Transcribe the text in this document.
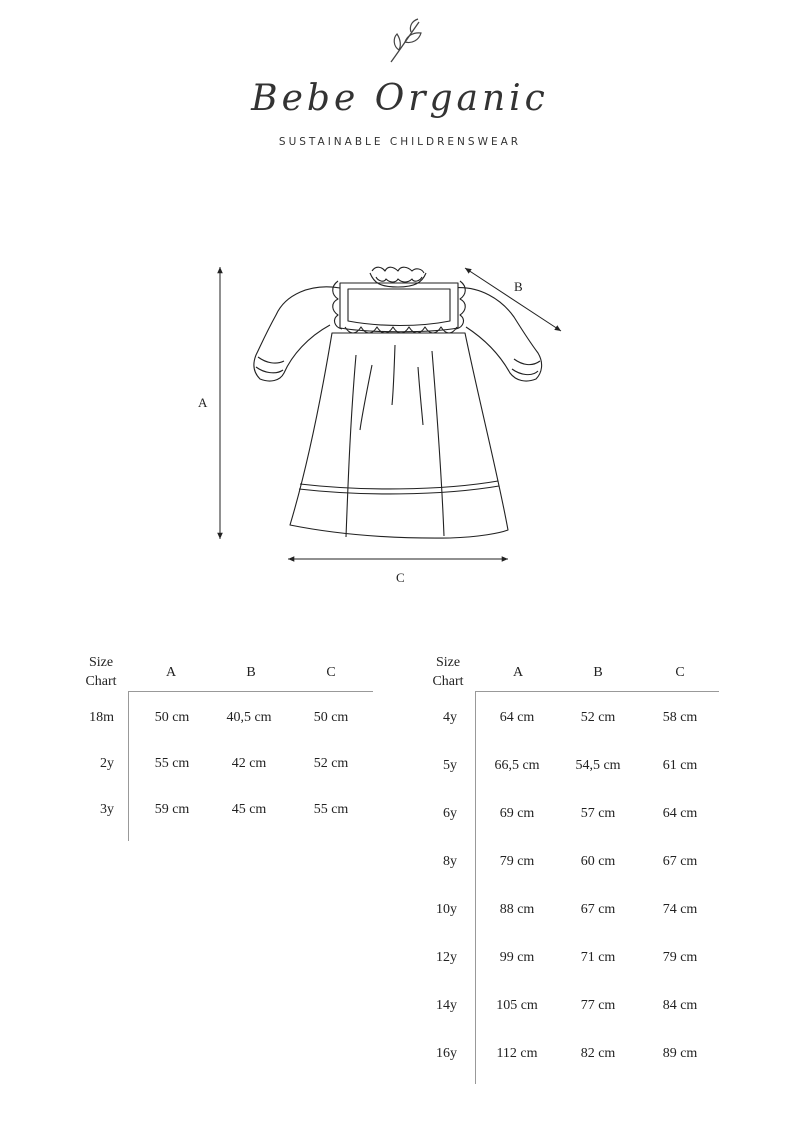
Bebe Organic
SUSTAINABLE CHILDRENSWEAR
A
B
C
Size
Chart
A	B	C
18m	50 cm	40,5 cm	50 cm
2y	55 cm	42 cm	52 cm
3y	59 cm	45 cm	55 cm
Size
Chart
A	B	C
4y	64 cm	52 cm	58 cm
5y	66,5 cm	54,5 cm	61 cm
6y	69 cm	57 cm	64 cm
8y	79 cm	60 cm	67 cm
10y	88 cm	67 cm	74 cm
12y	99 cm	71 cm	79 cm
14y	105 cm	77 cm	84 cm
16y	112 cm	82 cm	89 cm
